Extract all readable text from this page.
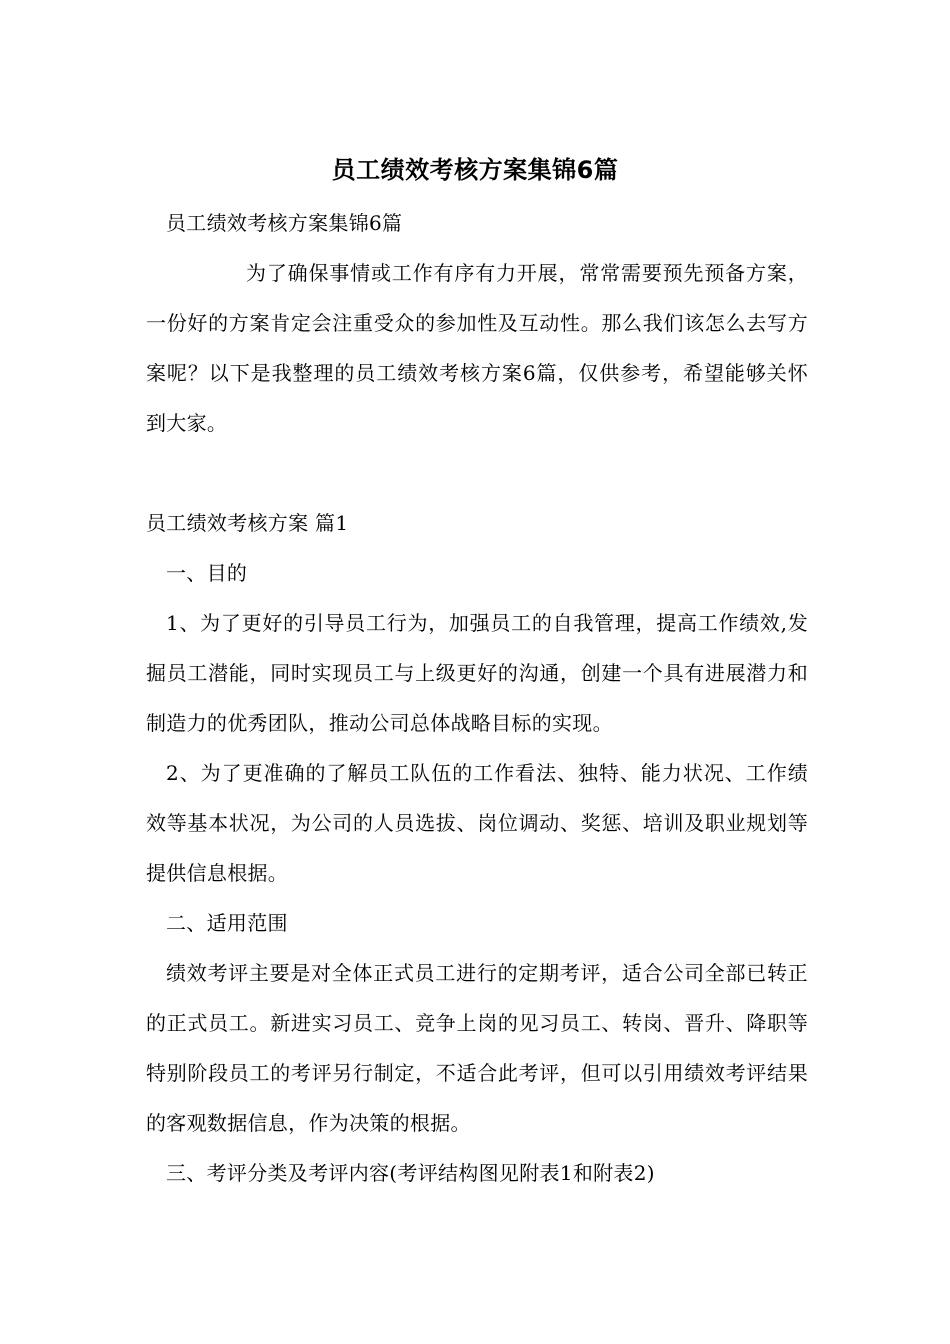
员工绩效考核方案集锦6篇
员工绩效考核方案集锦6篇
为了确保事情或工作有序有力开展，常常需要预先预备方案，一份好的方案肯定会注重受众的参加性及互动性。那么我们该怎么去写方案呢？以下是我整理的员工绩效考核方案6篇，仅供参考，希望能够关怀到大家。
员工绩效考核方案 篇1
一、目的
1、为了更好的引导员工行为，加强员工的自我管理，提高工作绩效,发掘员工潜能，同时实现员工与上级更好的沟通，创建一个具有进展潜力和制造力的优秀团队，推动公司总体战略目标的实现。
2、为了更准确的了解员工队伍的工作看法、独特、能力状况、工作绩效等基本状况，为公司的人员选拔、岗位调动、奖惩、培训及职业规划等提供信息根据。
二、适用范围
绩效考评主要是对全体正式员工进行的定期考评，适合公司全部已转正的正式员工。新进实习员工、竞争上岗的见习员工、转岗、晋升、降职等特别阶段员工的考评另行制定，不适合此考评，但可以引用绩效考评结果的客观数据信息，作为决策的根据。
三、考评分类及考评内容(考评结构图见附表1和附表2)
